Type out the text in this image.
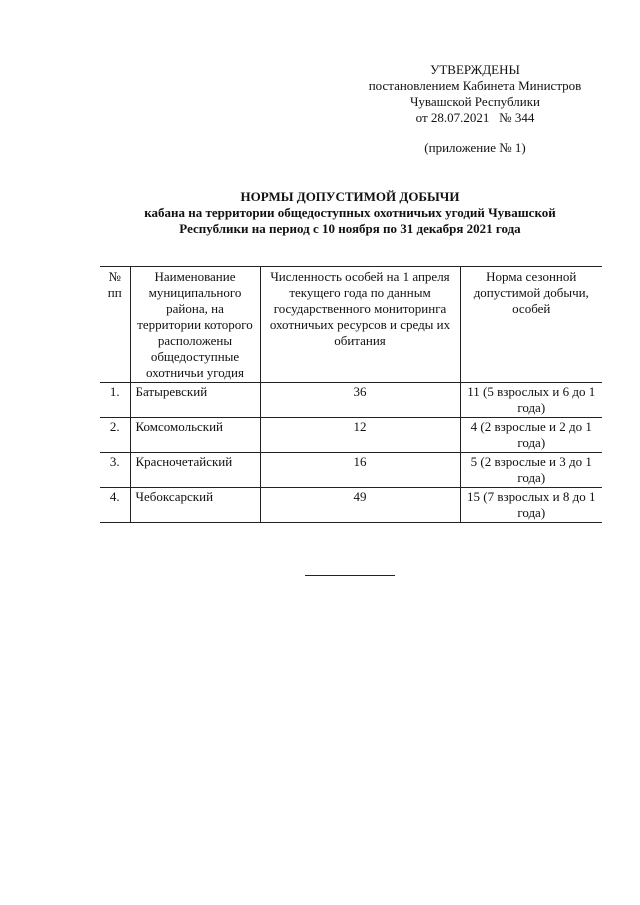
УТВЕРЖДЕНЫ
постановлением Кабинета Министров
Чувашской Республики
от 28.07.2021   № 344
(приложение № 1)
НОРМЫ ДОПУСТИМОЙ ДОБЫЧИ
кабана на территории общедоступных охотничьих угодий Чувашской
Республики на период с 10 ноября по 31 декабря 2021 года
№ пп	Наименование муниципального района, на территории которого расположены общедоступные охотничьи угодия	Численность особей на 1 апреля текущего года по данным государственного мониторинга охотничьих ресурсов и среды их обитания	Норма сезонной допустимой добычи, особей
1.	Батыревский	36	11 (5 взрослых и 6 до 1 года)
2.	Комсомольский	12	4 (2 взрослые и 2 до 1 года)
3.	Красночетайский	16	5 (2 взрослые и 3 до 1 года)
4.	Чебоксарский	49	15 (7 взрослых и 8 до 1 года)
